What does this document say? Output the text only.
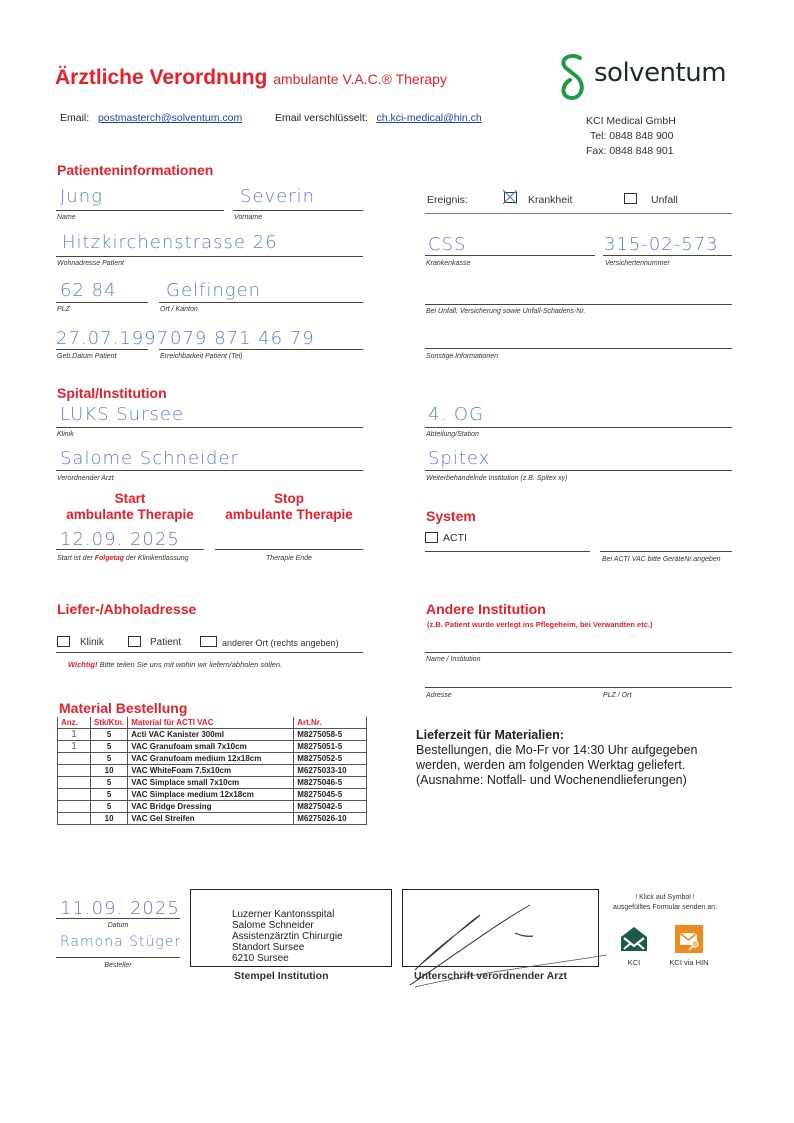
Ärztliche Verordnung ambulante V.A.C.® Therapy
Email: postmasterch@solventum.com	Email verschlüsselt: ch.kci-medical@hin.ch
solventum
KCI Medical GmbH
Tel: 0848 848 900
Fax: 0848 848 901
Patienteninformationen
Jung
Name
Severin
Vorname
Hitzkirchenstrasse 26
Wohnadresse Patient
62 84
PLZ
Gelfingen
Ort / Kanton
27.07.1997
Geb.Datum Patient
079 871 46 79
Erreichbarkeit Patient (Tel)
Ereignis:	Krankheit	Unfall
CSS
Krankenkasse
315-02-573
Versichertennummer
Bei Unfall; Versicherung sowie Unfall-Schadens-Nr.
Sonstige Informationen
Spital/Institution
LUKS Sursee
Klinik
4. OG
Abteilung/Station
Salome Schneider
Verordnender Arzt
Spitex
Weiterbehandelnde Institution (z.B. Spitex xy)
Start
ambulante Therapie
Stop
ambulante Therapie
12.09. 2025
Start ist der Folgetag der Klinikentlassung	Therapie Ende
System
ACTI
Bei ACTI VAC bitte GeräteNr.angeben
Liefer-/Abholadresse
Klinik	Patient	anderer Ort (rechts angeben)
Wichtig! Bitte teilen Sie uns mit wohin wir liefern/abholen sollen.
Andere Institution
(z.B. Patient wurde verlegt ins Pflegeheim, bei Verwandten etc.)
Name / Institution
Adresse	PLZ / Ort
Material Bestellung
Anz.	Stk/Ktn.	Material für ACTI VAC	Art.Nr.
1	5	Acti VAC Kanister 300ml	M8275058-5
1	5	VAC Granufoam small 7x10cm	M8275051-5
	5	VAC Granufoam medium 12x18cm	M8275052-5
	10	VAC WhiteFoam 7.5x10cm	M6275033-10
	5	VAC Simplace small 7x10cm	M8275046-5
	5	VAC Simplace medium 12x18cm	M8275045-5
	5	VAC Bridge Dressing	M8275042-5
	10	VAC Gel Streifen	M6275026-10
Lieferzeit für Materialien:
Bestellungen, die Mo-Fr vor 14:30 Uhr aufgegeben
werden, werden am folgenden Werktag geliefert.
(Ausnahme: Notfall- und Wochenendlieferungen)
11.09. 2025
Datum
Ramona Stüger
Besteller
Luzerner Kantonsspital
Salome Schneider
Assistenzärztin Chirurgie
Standort Sursee
6210 Sursee
Stempel Institution	Unterschrift verordnender Arzt
! Klick auf Symbol !
ausgefülltes Formular senden an:
KCI	KCI via HIN
